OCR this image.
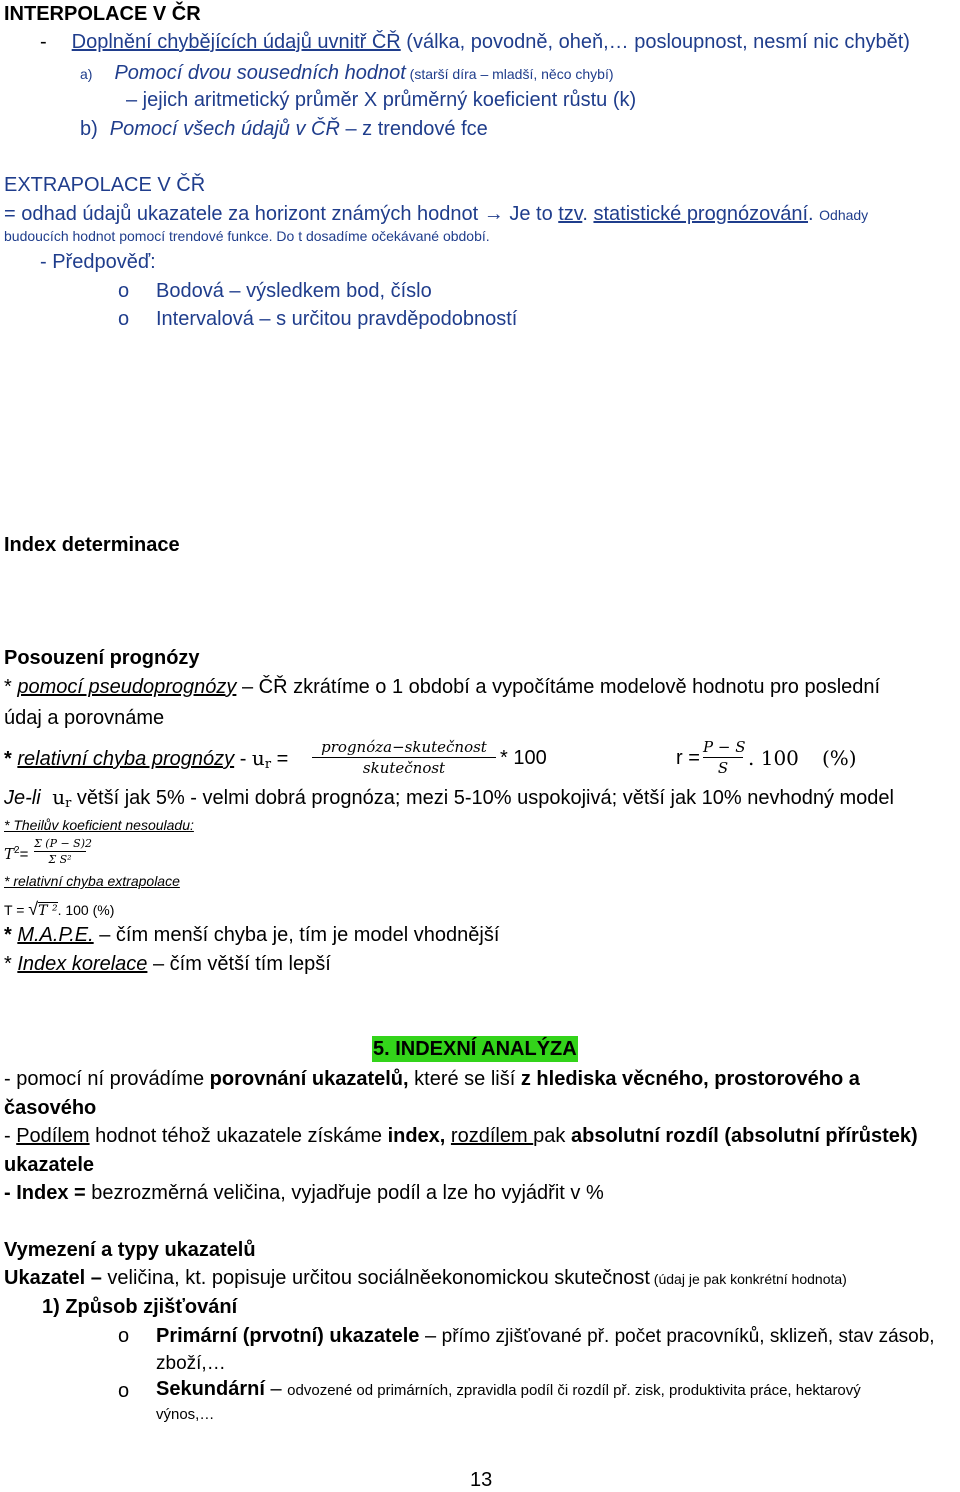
INTERPOLACE V ČR
- Doplnění chybějících údajů uvnitř ČŘ (válka, povodně, oheň,… posloupnost, nesmí nic chybět)
a) Pomocí dvou sousedních hodnot (starší díra – mladší, něco chybí)
– jejich aritmetický průměr X průměrný koeficient růstu (k)
b) Pomocí všech údajů v ČŘ – z trendové fce
EXTRAPOLACE V ČŘ
= odhad údajů ukazatele za horizont známých hodnot → Je to tzv. statistické prognózování. Odhady
budoucích hodnot pomocí trendové funkce. Do t dosadíme očekávané období.
- Předpověď:
o Bodová – výsledkem bod, číslo
o Intervalová – s určitou pravděpodobností
Index determinace
Posouzení prognózy
* pomocí pseudoprognózy – ČŘ zkrátíme o 1 období a vypočítáme modelově hodnotu pro poslední
údaj a porovnáme
* relativní chyba prognózy - ur =
prognóza−skutečnost
skutečnost	* 100	r = P − S
S . 100 (%)
Je-li ur větší jak 5% - velmi dobrá prognóza; mezi 5-10% uspokojivá; větší jak 10% nevhodný model
* Theilův koeficient nesouladu:
$T^2=$
Σ (P − S)2
Σ S²
* relativní chyba extrapolace
T = √T ². 100 (%)
* M.A.P.E. – čím menší chyba je, tím je model vhodnější
* Index korelace – čím větší tím lepší
5. INDEXNÍ ANALÝZA
- pomocí ní provádíme porovnání ukazatelů, které se liší z hlediska věcného, prostorového a
časového
- Podílem hodnot téhož ukazatele získáme index, rozdílem pak absolutní rozdíl (absolutní přírůstek)
ukazatele
- Index = bezrozměrná veličina, vyjadřuje podíl a lze ho vyjádřit v %
Vymezení a typy ukazatelů
Ukazatel – veličina, kt. popisuje určitou sociálněekonomickou skutečnost (údaj je pak konkrétní hodnota)
1) Způsob zjišťování
o Primární (prvotní) ukazatele – přímo zjišťované př. počet pracovníků, sklizeň, stav zásob,
zboží,…
o Sekundární – odvozené od primárních, zpravidla podíl či rozdíl př. zisk, produktivita práce, hektarový
výnos,…
13
